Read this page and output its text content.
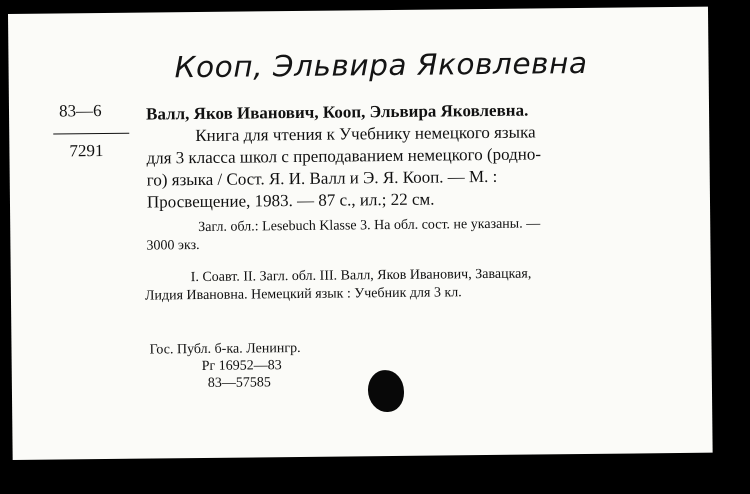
Кооп, Эльвира Яковлевна
83—6
7291
Валл, Яков Иванович, Кооп, Эльвира Яковлевна.
Книга для чтения к Учебнику немецкого языка
для 3 класса школ с преподаванием немецкого (родно-
го) языка / Сост. Я. И. Валл и Э. Я. Кооп. — М. :
Просвещение, 1983. — 87 с., ил.; 22 см.
Загл. обл.: Lesebuch Klasse 3. На обл. сост. не указаны. —
3000 экз.
I. Соавт. II. Загл. обл. III. Валл, Яков Иванович, Завацкая,
Лидия Ивановна. Немецкий язык : Учебник для 3 кл.
Гос. Публ. б-ка. Ленингр.
Рг 16952—83
83—57585
